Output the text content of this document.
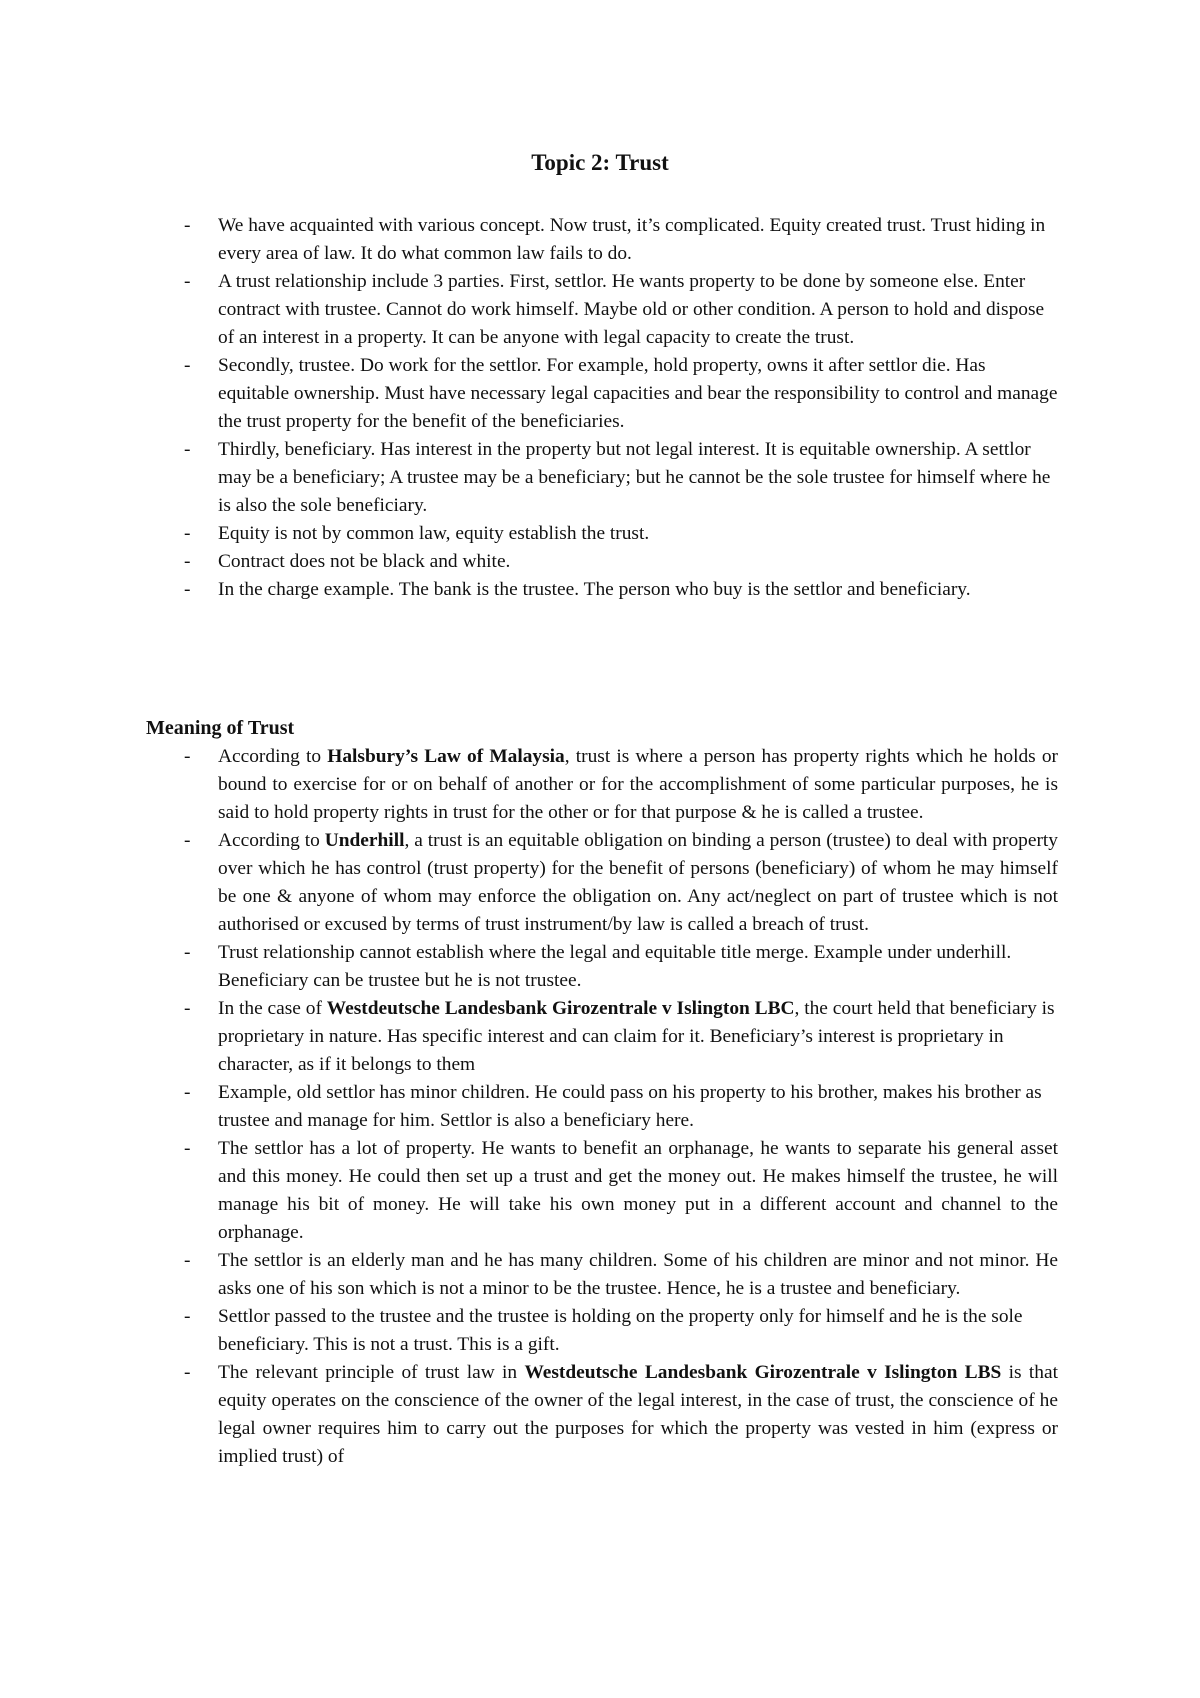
Topic 2: Trust
- We have acquainted with various concept. Now trust, it’s complicated. Equity created trust. Trust hiding in every area of law. It do what common law fails to do.
- A trust relationship include 3 parties. First, settlor. He wants property to be done by someone else. Enter contract with trustee. Cannot do work himself. Maybe old or other condition. A person to hold and dispose of an interest in a property. It can be anyone with legal capacity to create the trust.
- Secondly, trustee. Do work for the settlor. For example, hold property, owns it after settlor die. Has equitable ownership. Must have necessary legal capacities and bear the responsibility to control and manage the trust property for the benefit of the beneficiaries.
- Thirdly, beneficiary. Has interest in the property but not legal interest. It is equitable ownership. A settlor may be a beneficiary; A trustee may be a beneficiary; but he cannot be the sole trustee for himself where he is also the sole beneficiary.
- Equity is not by common law, equity establish the trust.
- Contract does not be black and white.
- In the charge example. The bank is the trustee. The person who buy is the settlor and beneficiary.
Meaning of Trust
- According to Halsbury’s Law of Malaysia, trust is where a person has property rights which he holds or bound to exercise for or on behalf of another or for the accomplishment of some particular purposes, he is said to hold property rights in trust for the other or for that purpose & he is called a trustee.
- According to Underhill, a trust is an equitable obligation on binding a person (trustee) to deal with property over which he has control (trust property) for the benefit of persons (beneficiary) of whom he may himself be one & anyone of whom may enforce the obligation on. Any act/neglect on part of trustee which is not authorised or excused by terms of trust instrument/by law is called a breach of trust.
- Trust relationship cannot establish where the legal and equitable title merge. Example under underhill. Beneficiary can be trustee but he is not trustee.
- In the case of Westdeutsche Landesbank Girozentrale v Islington LBC, the court held that beneficiary is proprietary in nature. Has specific interest and can claim for it. Beneficiary’s interest is proprietary in character, as if it belongs to them
- Example, old settlor has minor children. He could pass on his property to his brother, makes his brother as trustee and manage for him. Settlor is also a beneficiary here.
- The settlor has a lot of property. He wants to benefit an orphanage, he wants to separate his general asset and this money. He could then set up a trust and get the money out. He makes himself the trustee, he will manage his bit of money. He will take his own money put in a different account and channel to the orphanage.
- The settlor is an elderly man and he has many children. Some of his children are minor and not minor. He asks one of his son which is not a minor to be the trustee. Hence, he is a trustee and beneficiary.
- Settlor passed to the trustee and the trustee is holding on the property only for himself and he is the sole beneficiary. This is not a trust. This is a gift.
- The relevant principle of trust law in Westdeutsche Landesbank Girozentrale v Islington LBS is that equity operates on the conscience of the owner of the legal interest, in the case of trust, the conscience of he legal owner requires him to carry out the purposes for which the property was vested in him (express or implied trust) of
